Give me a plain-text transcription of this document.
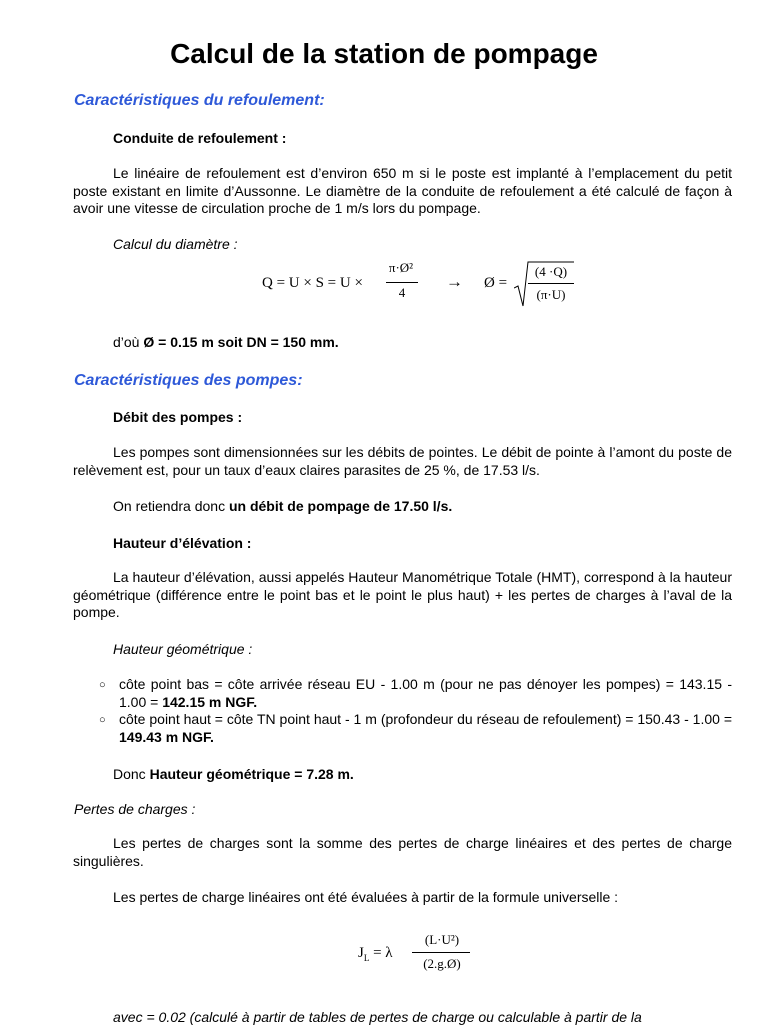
Calcul de la station de pompage
Caractéristiques du refoulement:
Conduite de refoulement :
Le linéaire de refoulement est d’environ 650 m si le poste est implanté à l’emplacement du petit poste existant en limite d’Aussonne. Le diamètre de la conduite de refoulement a été calculé de façon à avoir une vitesse de circulation proche de 1 m/s lors du pompage.
Calcul du diamètre :
Q = U × S = U ×
π·Ø²
4
→ Ø =
(4 ·Q)
(π·U)
d’où Ø = 0.15 m soit DN = 150 mm.
Caractéristiques des pompes:
Débit des pompes :
Les pompes sont dimensionnées sur les débits de pointes. Le débit de pointe à l’amont du poste de relèvement est, pour un taux d’eaux claires parasites de 25 %, de 17.53 l/s.
On retiendra donc un débit de pompage de 17.50 l/s.
Hauteur d’élévation :
La hauteur d’élévation, aussi appelés Hauteur Manométrique Totale (HMT), correspond à la hauteur géométrique (différence entre le point bas et le point le plus haut) + les pertes de charges à l’aval de la pompe.
Hauteur géométrique :
○ côte point bas = côte arrivée réseau EU - 1.00 m (pour ne pas dénoyer les pompes) = 143.15 - 1.00 = 142.15 m NGF.
○ côte point haut = côte TN point haut - 1 m (profondeur du réseau de refoulement) = 150.43 - 1.00 = 149.43 m NGF.
Donc Hauteur géométrique = 7.28 m.
Pertes de charges :
Les pertes de charges sont la somme des pertes de charge linéaires et des pertes de charge singulières.
Les pertes de charge linéaires ont été évaluées à partir de la formule universelle :
$J_L = \lambda$
(L·U²)
(2.g.Ø)
avec = 0.02 (calculé à partir de tables de pertes de charge ou calculable à partir de la
